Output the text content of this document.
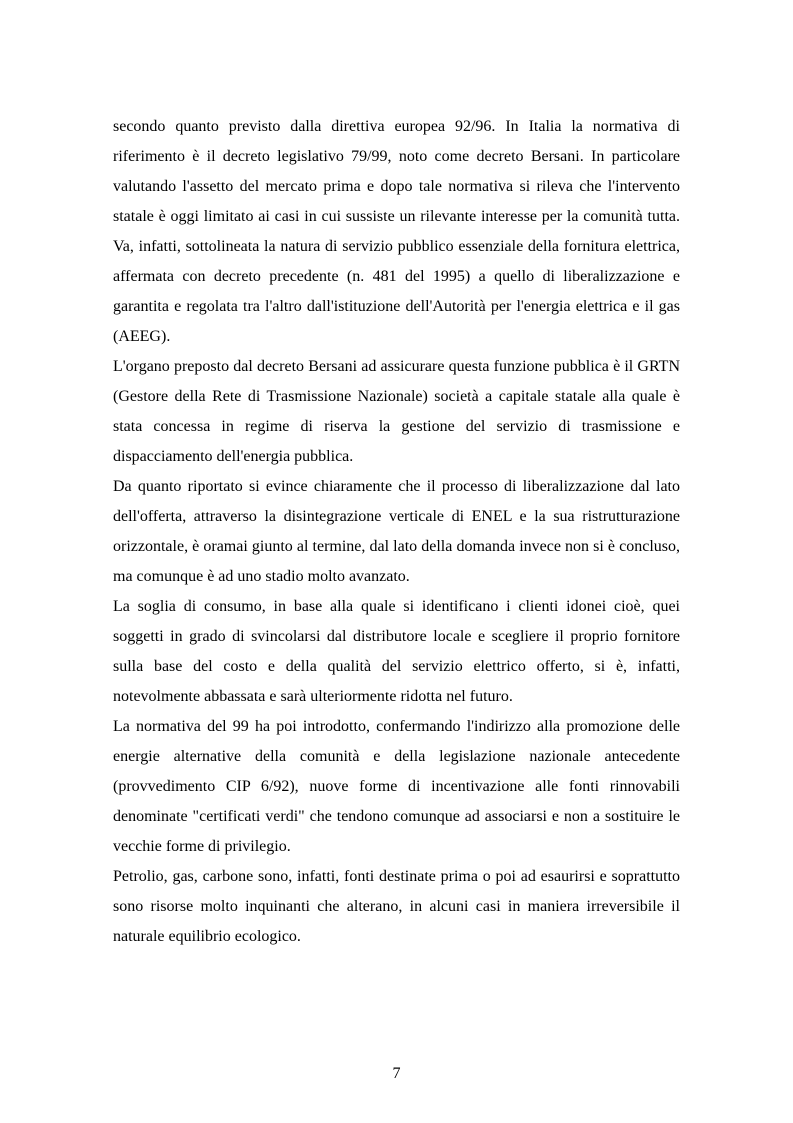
secondo quanto previsto dalla direttiva europea 92/96. In Italia la normativa di riferimento è il decreto legislativo 79/99, noto come decreto Bersani. In particolare valutando l'assetto del mercato prima e dopo tale normativa si rileva che l'intervento statale è oggi limitato ai casi in cui sussiste un rilevante interesse per la comunità tutta. Va, infatti, sottolineata la natura di servizio pubblico essenziale della fornitura elettrica, affermata con decreto precedente (n. 481 del 1995) a quello di liberalizzazione e garantita e regolata tra l'altro dall'istituzione dell'Autorità per l'energia elettrica e il gas (AEEG).

L'organo preposto dal decreto Bersani ad assicurare questa funzione pubblica è il GRTN (Gestore della Rete di Trasmissione Nazionale) società a capitale statale alla quale è stata concessa in regime di riserva la gestione del servizio di trasmissione e dispacciamento dell'energia pubblica.

Da quanto riportato si evince chiaramente che il processo di liberalizzazione dal lato dell'offerta, attraverso la disintegrazione verticale di ENEL e la sua ristrutturazione orizzontale, è oramai giunto al termine, dal lato della domanda invece non si è concluso, ma comunque è ad uno stadio molto avanzato.

La soglia di consumo, in base alla quale si identificano i clienti idonei cioè, quei soggetti in grado di svincolarsi dal distributore locale e scegliere il proprio fornitore sulla base del costo e della qualità del servizio elettrico offerto, si è, infatti, notevolmente abbassata e sarà ulteriormente ridotta nel futuro.

La normativa del 99 ha poi introdotto, confermando l'indirizzo alla promozione delle energie alternative della comunità e della legislazione nazionale antecedente (provvedimento CIP 6/92), nuove forme di incentivazione alle fonti rinnovabili denominate "certificati verdi" che tendono comunque ad associarsi e non a sostituire le vecchie forme di privilegio.

Petrolio, gas, carbone sono, infatti, fonti destinate prima o poi ad esaurirsi e soprattutto sono risorse molto inquinanti che alterano, in alcuni casi in maniera irreversibile il naturale equilibrio ecologico.

7
